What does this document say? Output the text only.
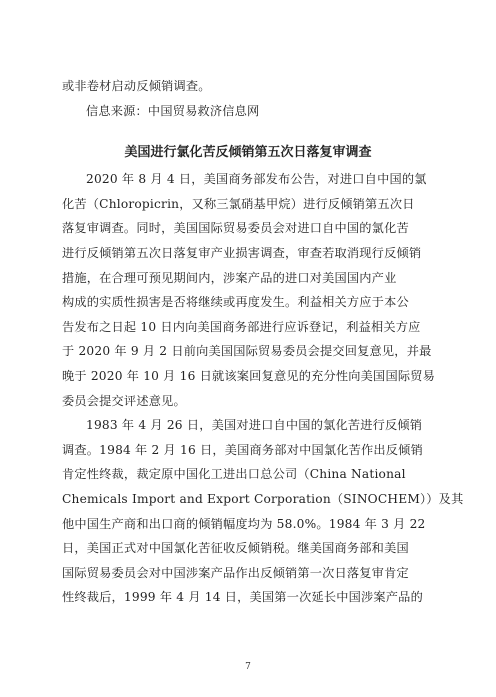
或非卷材启动反倾销调查。
信息来源：中国贸易救济信息网
美国进行氯化苦反倾销第五次日落复审调查
2020 年 8 月 4 日，美国商务部发布公告，对进口自中国的氯
化苦（Chloropicrin，又称三氯硝基甲烷）进行反倾销第五次日
落复审调查。同时，美国国际贸易委员会对进口自中国的氯化苦
进行反倾销第五次日落复审产业损害调查，审查若取消现行反倾销
措施，在合理可预见期间内，涉案产品的进口对美国国内产业
构成的实质性损害是否将继续或再度发生。利益相关方应于本公
告发布之日起 10 日内向美国商务部进行应诉登记，利益相关方应
于 2020 年 9 月 2 日前向美国国际贸易委员会提交回复意见，并最
晚于 2020 年 10 月 16 日就该案回复意见的充分性向美国国际贸易
委员会提交评述意见。
1983 年 4 月 26 日，美国对进口自中国的氯化苦进行反倾销
调查。1984 年 2 月 16 日，美国商务部对中国氯化苦作出反倾销
肯定性终裁，裁定原中国化工进出口总公司（China National
Chemicals Import and Export Corporation（SINOCHEM））及其
他中国生产商和出口商的倾销幅度均为 58.0%。1984 年 3 月 22
日，美国正式对中国氯化苦征收反倾销税。继美国商务部和美国
国际贸易委员会对中国涉案产品作出反倾销第一次日落复审肯定
性终裁后，1999 年 4 月 14 日，美国第一次延长中国涉案产品的
7
